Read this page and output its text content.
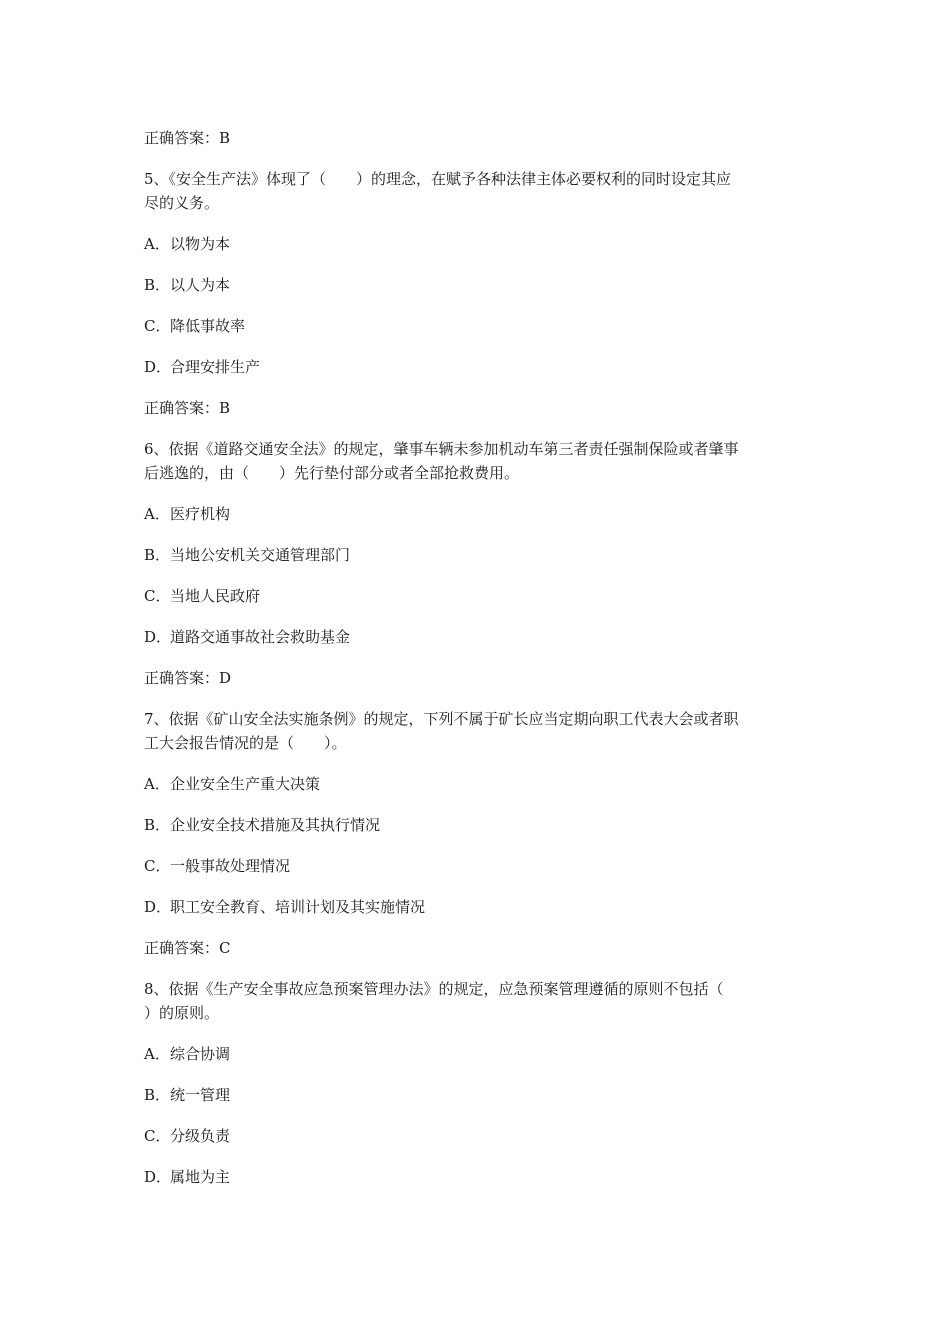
正确答案：B
5、《安全生产法》体现了（　　）的理念，在赋予各种法律主体必要权利的同时设定其应
尽的义务。
A．以物为本
B．以人为本
C．降低事故率
D．合理安排生产
正确答案：B
6、依据《道路交通安全法》的规定，肇事车辆未参加机动车第三者责任强制保险或者肇事
后逃逸的，由（　　）先行垫付部分或者全部抢救费用。
A．医疗机构
B．当地公安机关交通管理部门
C．当地人民政府
D．道路交通事故社会救助基金
正确答案：D
7、依据《矿山安全法实施条例》的规定，下列不属于矿长应当定期向职工代表大会或者职
工大会报告情况的是（　　）。
A．企业安全生产重大决策
B．企业安全技术措施及其执行情况
C．一般事故处理情况
D．职工安全教育、培训计划及其实施情况
正确答案：C
8、依据《生产安全事故应急预案管理办法》的规定，应急预案管理遵循的原则不包括（
）的原则。
A．综合协调
B．统一管理
C．分级负责
D．属地为主
